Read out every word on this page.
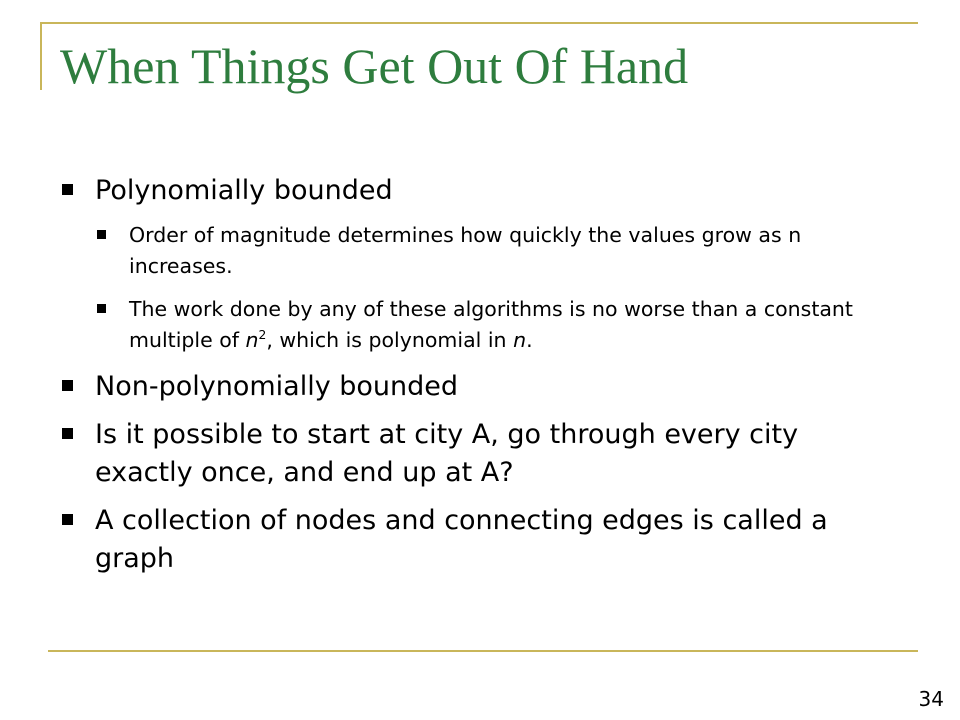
When Things Get Out Of Hand
Polynomially bounded
Order of magnitude determines how quickly the values grow as n increases.
The work done by any of these algorithms is no worse than a constant multiple of $n^2$, which is polynomial in n.
Non-polynomially bounded
Is it possible to start at city A, go through every city exactly once, and end up at A?
A collection of nodes and connecting edges is called a graph
34
